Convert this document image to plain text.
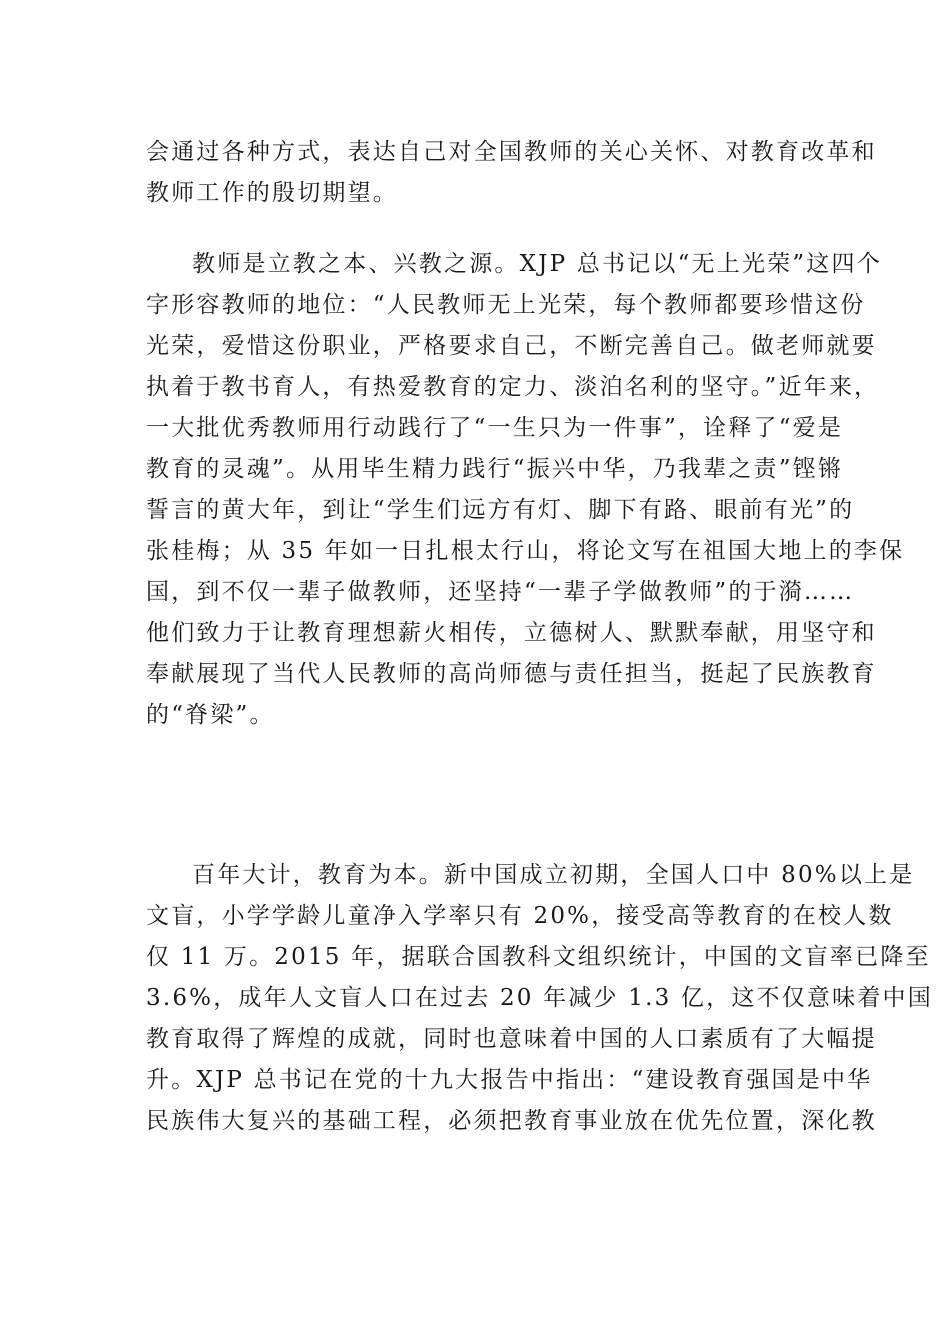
会通过各种方式，表达自己对全国教师的关心关怀、对教育改革和
教师工作的殷切期望。
教师是立教之本、兴教之源。XJP 总书记以“无上光荣”这四个
字形容教师的地位：“人民教师无上光荣，每个教师都要珍惜这份
光荣，爱惜这份职业，严格要求自己，不断完善自己。做老师就要
执着于教书育人，有热爱教育的定力、淡泊名利的坚守。”近年来，
一大批优秀教师用行动践行了“一生只为一件事”，诠释了“爱是
教育的灵魂”。从用毕生精力践行“振兴中华，乃我辈之责”铿锵
誓言的黄大年，到让“学生们远方有灯、脚下有路、眼前有光”的
张桂梅；从 35 年如一日扎根太行山，将论文写在祖国大地上的李保
国，到不仅一辈子做教师，还坚持“一辈子学做教师”的于漪……
他们致力于让教育理想薪火相传，立德树人、默默奉献，用坚守和
奉献展现了当代人民教师的高尚师德与责任担当，挺起了民族教育
的“脊梁”。
百年大计，教育为本。新中国成立初期，全国人口中 80%以上是
文盲，小学学龄儿童净入学率只有 20%，接受高等教育的在校人数
仅 11 万。2015 年，据联合国教科文组织统计，中国的文盲率已降至
3.6%，成年人文盲人口在过去 20 年减少 1.3 亿，这不仅意味着中国
教育取得了辉煌的成就，同时也意味着中国的人口素质有了大幅提
升。XJP 总书记在党的十九大报告中指出：“建设教育强国是中华
民族伟大复兴的基础工程，必须把教育事业放在优先位置，深化教
